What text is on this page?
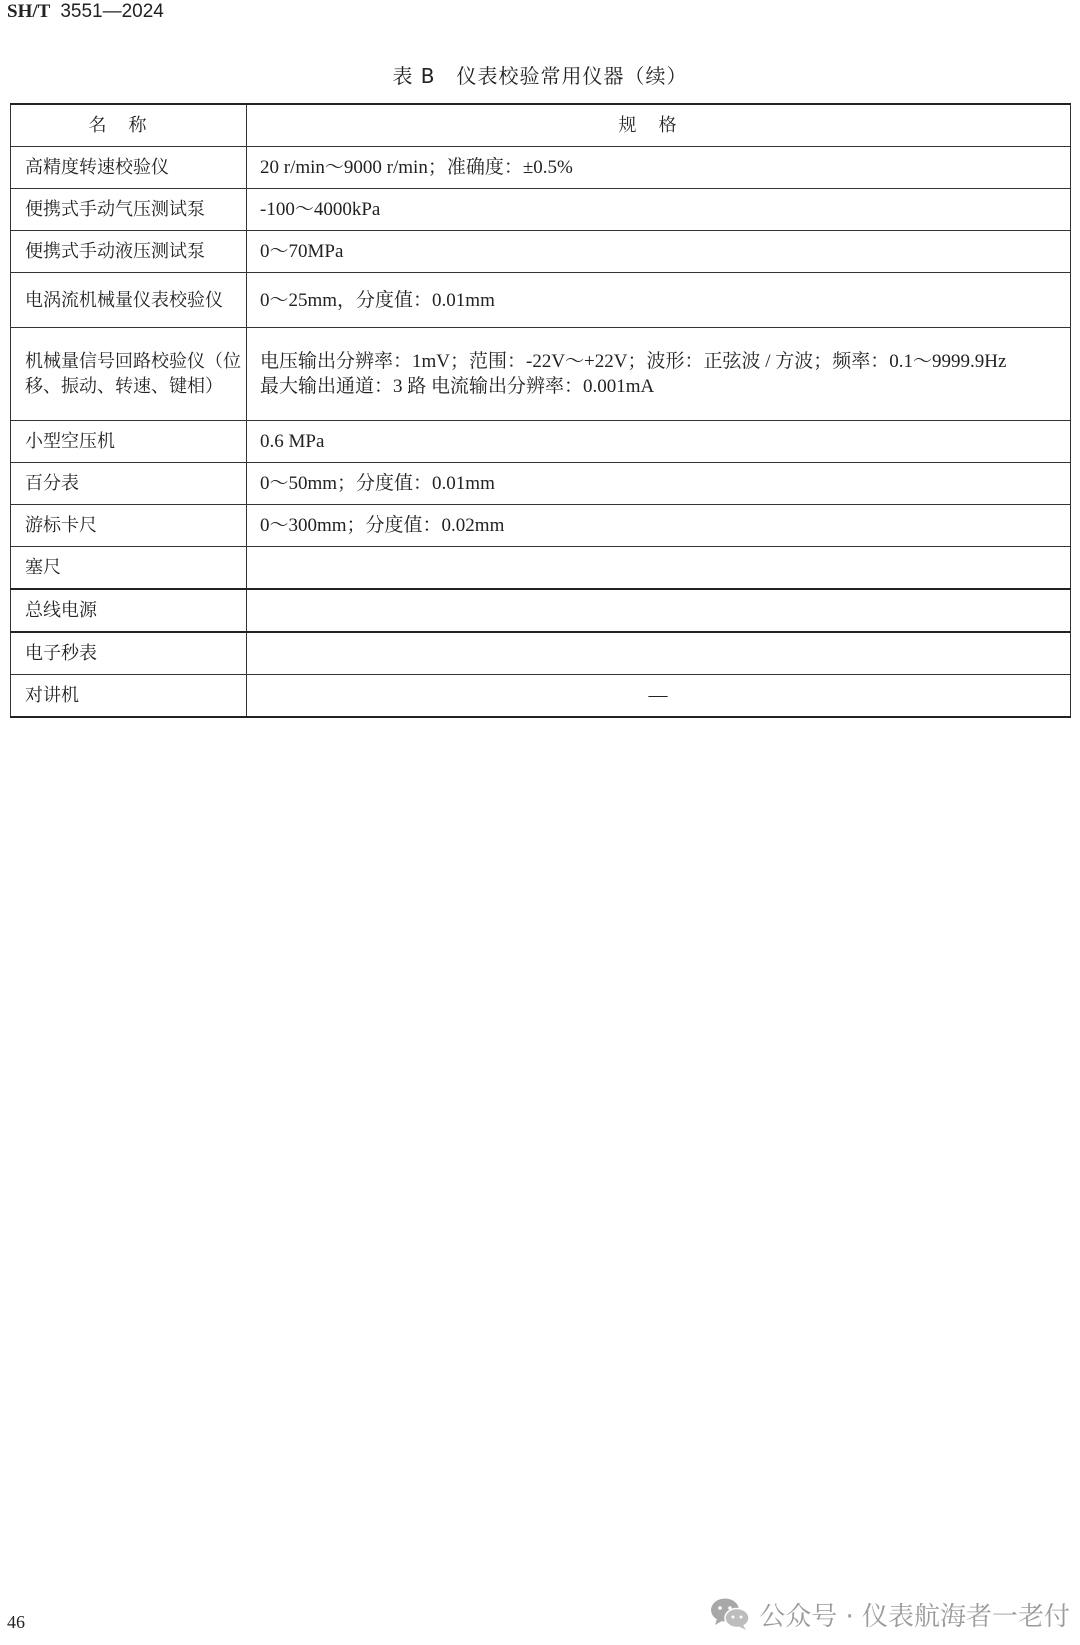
SH/T 3551—2024
表 B　仪表校验常用仪器（续）
名称	规格
高精度转速校验仪	20 r/min～9000 r/min；准确度：±0.5%
便携式手动气压测试泵	-100～4000kPa
便携式手动液压测试泵	0～70MPa
电涡流机械量仪表校验仪	0～25mm，分度值：0.01mm
机械量信号回路校验仪（位移、振动、转速、键相）	电压输出分辨率：1mV；范围：-22V～+22V；波形：正弦波 / 方波；频率：0.1～9999.9Hz
最大输出通道：3 路 电流输出分辨率：0.001mA
小型空压机	0.6 MPa
百分表	0～50mm；分度值：0.01mm
游标卡尺	0～300mm；分度值：0.02mm
塞尺	
总线电源	
电子秒表	
对讲机	—
46	公众号 · 仪表航海者一老付
